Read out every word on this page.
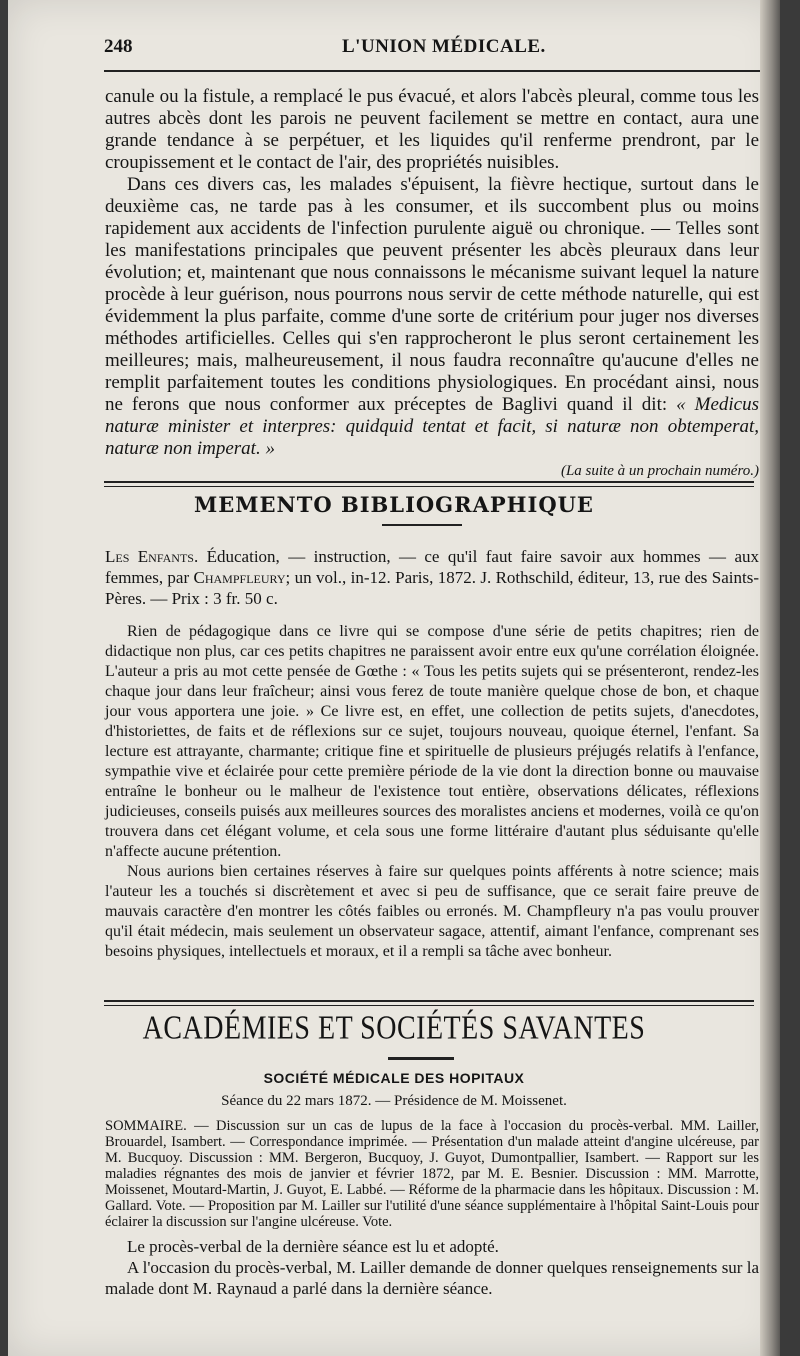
248	L'UNION MÉDICALE.

canule ou la fistule, a remplacé le pus évacué, et alors l'abcès pleural, comme tous les autres abcès dont les parois ne peuvent facilement se mettre en contact, aura une grande tendance à se perpétuer, et les liquides qu'il renferme prendront, par le croupissement et le contact de l'air, des propriétés nuisibles.

Dans ces divers cas, les malades s'épuisent, la fièvre hectique, surtout dans le deuxième cas, ne tarde pas à les consumer, et ils succombent plus ou moins rapidement aux accidents de l'infection purulente aiguë ou chronique. — Telles sont les manifestations principales que peuvent présenter les abcès pleuraux dans leur évolution; et, maintenant que nous connaissons le mécanisme suivant lequel la nature procède à leur guérison, nous pourrons nous servir de cette méthode naturelle, qui est évidemment la plus parfaite, comme d'une sorte de critérium pour juger nos diverses méthodes artificielles. Celles qui s'en rapprocheront le plus seront certainement les meilleures; mais, malheureusement, il nous faudra reconnaître qu'aucune d'elles ne remplit parfaitement toutes les conditions physiologiques. En procédant ainsi, nous ne ferons que nous conformer aux préceptes de Baglivi quand il dit: « Medicus naturæ minister et interpres: quidquid tentat et facit, si naturæ non obtemperat, naturæ non imperat. »

(La suite à un prochain numéro.)

MEMENTO BIBLIOGRAPHIQUE

Les Enfants. Éducation, — instruction, — ce qu'il faut faire savoir aux hommes — aux femmes, par Champfleury; un vol., in-12. Paris, 1872. J. Rothschild, éditeur, 13, rue des Saints-Pères. — Prix : 3 fr. 50 c.

Rien de pédagogique dans ce livre qui se compose d'une série de petits chapitres; rien de didactique non plus, car ces petits chapitres ne paraissent avoir entre eux qu'une corrélation éloignée. L'auteur a pris au mot cette pensée de Gœthe : « Tous les petits sujets qui se présenteront, rendez-les chaque jour dans leur fraîcheur; ainsi vous ferez de toute manière quelque chose de bon, et chaque jour vous apportera une joie. » Ce livre est, en effet, une collection de petits sujets, d'anecdotes, d'historiettes, de faits et de réflexions sur ce sujet, toujours nouveau, quoique éternel, l'enfant. Sa lecture est attrayante, charmante; critique fine et spirituelle de plusieurs préjugés relatifs à l'enfance, sympathie vive et éclairée pour cette première période de la vie dont la direction bonne ou mauvaise entraîne le bonheur ou le malheur de l'existence tout entière, observations délicates, réflexions judicieuses, conseils puisés aux meilleures sources des moralistes anciens et modernes, voilà ce qu'on trouvera dans cet élégant volume, et cela sous une forme littéraire d'autant plus séduisante qu'elle n'affecte aucune prétention.

Nous aurions bien certaines réserves à faire sur quelques points afférents à notre science; mais l'auteur les a touchés si discrètement et avec si peu de suffisance, que ce serait faire preuve de mauvais caractère d'en montrer les côtés faibles ou erronés. M. Champfleury n'a pas voulu prouver qu'il était médecin, mais seulement un observateur sagace, attentif, aimant l'enfance, comprenant ses besoins physiques, intellectuels et moraux, et il a rempli sa tâche avec bonheur.

ACADÉMIES ET SOCIÉTÉS SAVANTES
SOCIÉTÉ MÉDICALE DES HOPITAUX
Séance du 22 mars 1872. — Présidence de M. Moissenet.

SOMMAIRE. — Discussion sur un cas de lupus de la face à l'occasion du procès-verbal. MM. Lailler, Brouardel, Isambert. — Correspondance imprimée. — Présentation d'un malade atteint d'angine ulcéreuse, par M. Bucquoy. Discussion : MM. Bergeron, Bucquoy, J. Guyot, Dumontpallier, Isambert. — Rapport sur les maladies régnantes des mois de janvier et février 1872, par M. E. Besnier. Discussion : MM. Marrotte, Moissenet, Moutard-Martin, J. Guyot, E. Labbé. — Réforme de la pharmacie dans les hôpitaux. Discussion : M. Gallard. Vote. — Proposition par M. Lailler sur l'utilité d'une séance supplémentaire à l'hôpital Saint-Louis pour éclairer la discussion sur l'angine ulcéreuse. Vote.

Le procès-verbal de la dernière séance est lu et adopté.

A l'occasion du procès-verbal, M. Lailler demande de donner quelques renseignements sur la malade dont M. Raynaud a parlé dans la dernière séance.
